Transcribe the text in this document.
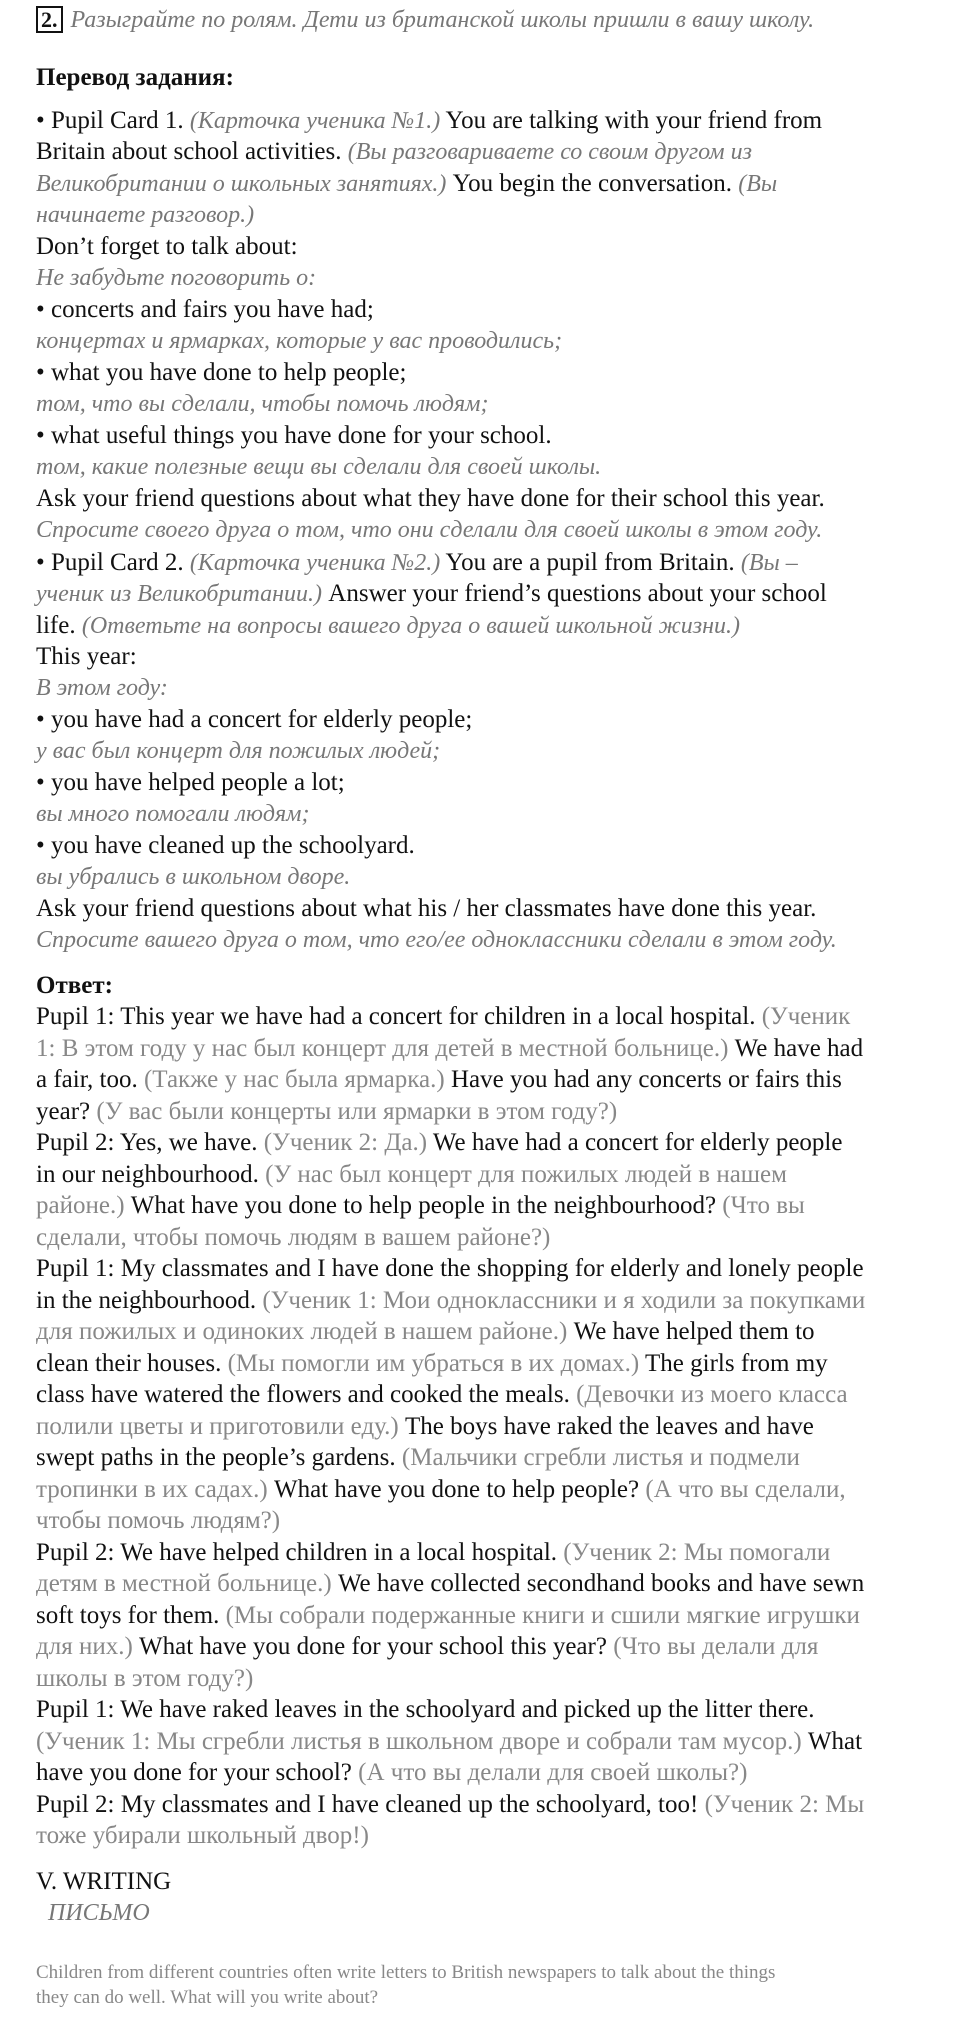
2. Разыграйте по ролям. Дети из британской школы пришли в вашу школу.
Перевод задания:
• Pupil Card 1. (Карточка ученика №1.) You are talking with your friend from
Britain about school activities. (Вы разговариваете со своим другом из
Великобритании о школьных занятиях.) You begin the conversation. (Вы
начинаете разговор.)
Don’t forget to talk about:
Не забудьте поговорить о:
• concerts and fairs you have had;
концертах и ярмарках, которые у вас проводились;
• what you have done to help people;
том, что вы сделали, чтобы помочь людям;
• what useful things you have done for your school.
том, какие полезные вещи вы сделали для своей школы.
Ask your friend questions about what they have done for their school this year.
Спросите своего друга о том, что они сделали для своей школы в этом году.
• Pupil Card 2. (Карточка ученика №2.) You are a pupil from Britain. (Вы –
ученик из Великобритании.) Answer your friend’s questions about your school
life. (Ответьте на вопросы вашего друга о вашей школьной жизни.)
This year:
В этом году:
• you have had a concert for elderly people;
у вас был концерт для пожилых людей;
• you have helped people a lot;
вы много помогали людям;
• you have cleaned up the schoolyard.
вы убрались в школьном дворе.
Ask your friend questions about what his / her classmates have done this year.
Спросите вашего друга о том, что его/ее одноклассники сделали в этом году.
Ответ:
Pupil 1: This year we have had a concert for children in a local hospital. (Ученик
1: В этом году у нас был концерт для детей в местной больнице.) We have had
a fair, too. (Также у нас была ярмарка.) Have you had any concerts or fairs this
year? (У вас были концерты или ярмарки в этом году?)
Pupil 2: Yes, we have. (Ученик 2: Да.) We have had a concert for elderly people
in our neighbourhood. (У нас был концерт для пожилых людей в нашем
районе.) What have you done to help people in the neighbourhood? (Что вы
сделали, чтобы помочь людям в вашем районе?)
Pupil 1: My classmates and I have done the shopping for elderly and lonely people
in the neighbourhood. (Ученик 1: Мои одноклассники и я ходили за покупками
для пожилых и одиноких людей в нашем районе.) We have helped them to
clean their houses. (Мы помогли им убраться в их домах.) The girls from my
class have watered the flowers and cooked the meals. (Девочки из моего класса
полили цветы и приготовили еду.) The boys have raked the leaves and have
swept paths in the people’s gardens. (Мальчики сгребли листья и подмели
тропинки в их садах.) What have you done to help people? (А что вы сделали,
чтобы помочь людям?)
Pupil 2: We have helped children in a local hospital. (Ученик 2: Мы помогали
детям в местной больнице.) We have collected secondhand books and have sewn
soft toys for them. (Мы собрали подержанные книги и сшили мягкие игрушки
для них.) What have you done for your school this year? (Что вы делали для
школы в этом году?)
Pupil 1: We have raked leaves in the schoolyard and picked up the litter there.
(Ученик 1: Мы сгребли листья в школьном дворе и собрали там мусор.) What
have you done for your school? (А что вы делали для своей школы?)
Pupil 2: My classmates and I have cleaned up the schoolyard, too! (Ученик 2: Мы
тоже убирали школьный двор!)
V. WRITING
ПИСЬМО
Children from different countries often write letters to British newspapers to talk about the things
they can do well. What will you write about?
